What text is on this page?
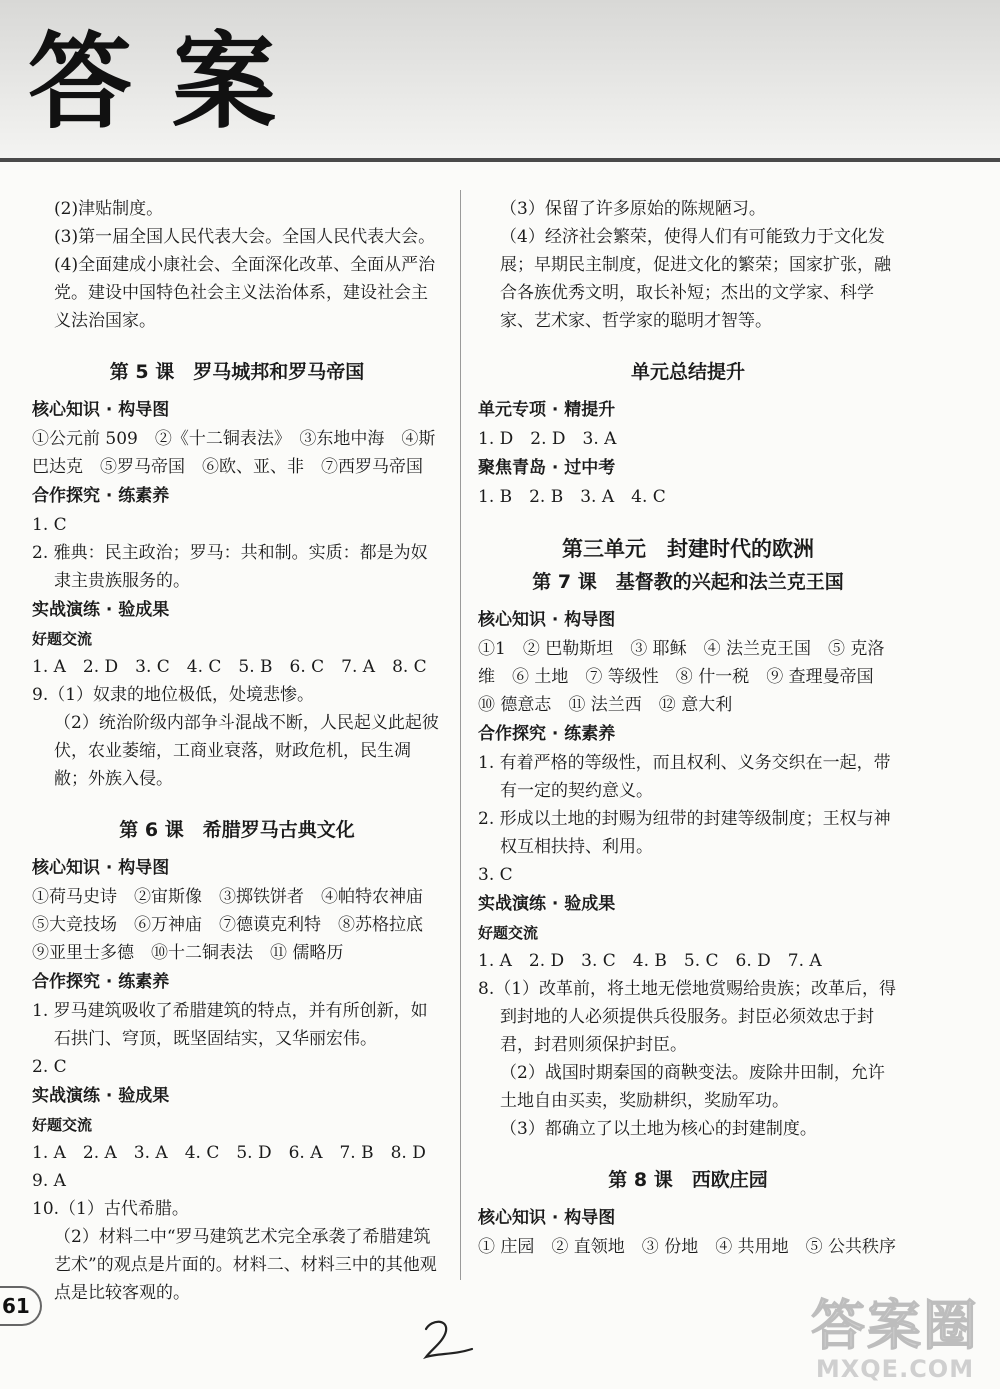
答案

(2)津贴制度。

(3)第一届全国人民代表大会。全国人民代表大会。

(4)全面建成小康社会、全面深化改革、全面从严治党。建设中国特色社会主义法治体系，建设社会主义法治国家。

第 5 课　罗马城邦和罗马帝国
核心知识 · 构导图

①公元前 509　②《十二铜表法》　③东地中海　④斯巴达克　⑤罗马帝国　⑥欧、亚、非　⑦西罗马帝国

合作探究 · 练素养

1. C

2. 雅典：民主政治；罗马：共和制。实质：都是为奴隶主贵族服务的。

实战演练 · 验成果
好题交流

1. A　2. D　3. C　4. C　5. B　6. C　7. A　8. C

9.（1）奴隶的地位极低，处境悲惨。

（2）统治阶级内部争斗混战不断，人民起义此起彼伏，农业萎缩，工商业衰落，财政危机，民生凋敝；外族入侵。

第 6 课　希腊罗马古典文化
核心知识 · 构导图

①荷马史诗　②宙斯像　③掷铁饼者　④帕特农神庙

⑤大竞技场　⑥万神庙　⑦德谟克利特　⑧苏格拉底

⑨亚里士多德　⑩十二铜表法　⑪ 儒略历

合作探究 · 练素养

1. 罗马建筑吸收了希腊建筑的特点，并有所创新，如石拱门、穹顶，既坚固结实，又华丽宏伟。

2. C

实战演练 · 验成果
好题交流

1. A　2. A　3. A　4. C　5. D　6. A　7. B　8. D　9. A

10.（1）古代希腊。

（2）材料二中“罗马建筑艺术完全承袭了希腊建筑艺术”的观点是片面的。材料二、材料三中的其他观点是比较客观的。

（3）保留了许多原始的陈规陋习。

（4）经济社会繁荣，使得人们有可能致力于文化发展；早期民主制度，促进文化的繁荣；国家扩张，融合各族优秀文明，取长补短；杰出的文学家、科学家、艺术家、哲学家的聪明才智等。

单元总结提升
单元专项 · 精提升

1. D　2. D　3. A

聚焦青岛 · 过中考

1. B　2. B　3. A　4. C

第三单元　封建时代的欧洲
第 7 课　基督教的兴起和法兰克王国
核心知识 · 构导图

①1　② 巴勒斯坦　③ 耶稣　④ 法兰克王国　⑤ 克洛维　⑥ 土地　⑦ 等级性　⑧ 什一税　⑨ 查理曼帝国　⑩ 德意志　⑪ 法兰西　⑫ 意大利

合作探究 · 练素养

1. 有着严格的等级性，而且权利、义务交织在一起，带有一定的契约意义。

2. 形成以土地的封赐为纽带的封建等级制度；王权与神权互相扶持、利用。

3. C

实战演练 · 验成果
好题交流

1. A　2. D　3. C　4. B　5. C　6. D　7. A

8.（1）改革前，将土地无偿地赏赐给贵族；改革后，得到封地的人必须提供兵役服务。封臣必须效忠于封君，封君则须保护封臣。

（2）战国时期秦国的商鞅变法。废除井田制，允许土地自由买卖，奖励耕织，奖励军功。

（3）都确立了以土地为核心的封建制度。

第 8 课　西欧庄园
核心知识 · 构导图

① 庄园　② 直领地　③ 份地　④ 共用地　⑤ 公共秩序

61	答案圈
MXQE.COM
